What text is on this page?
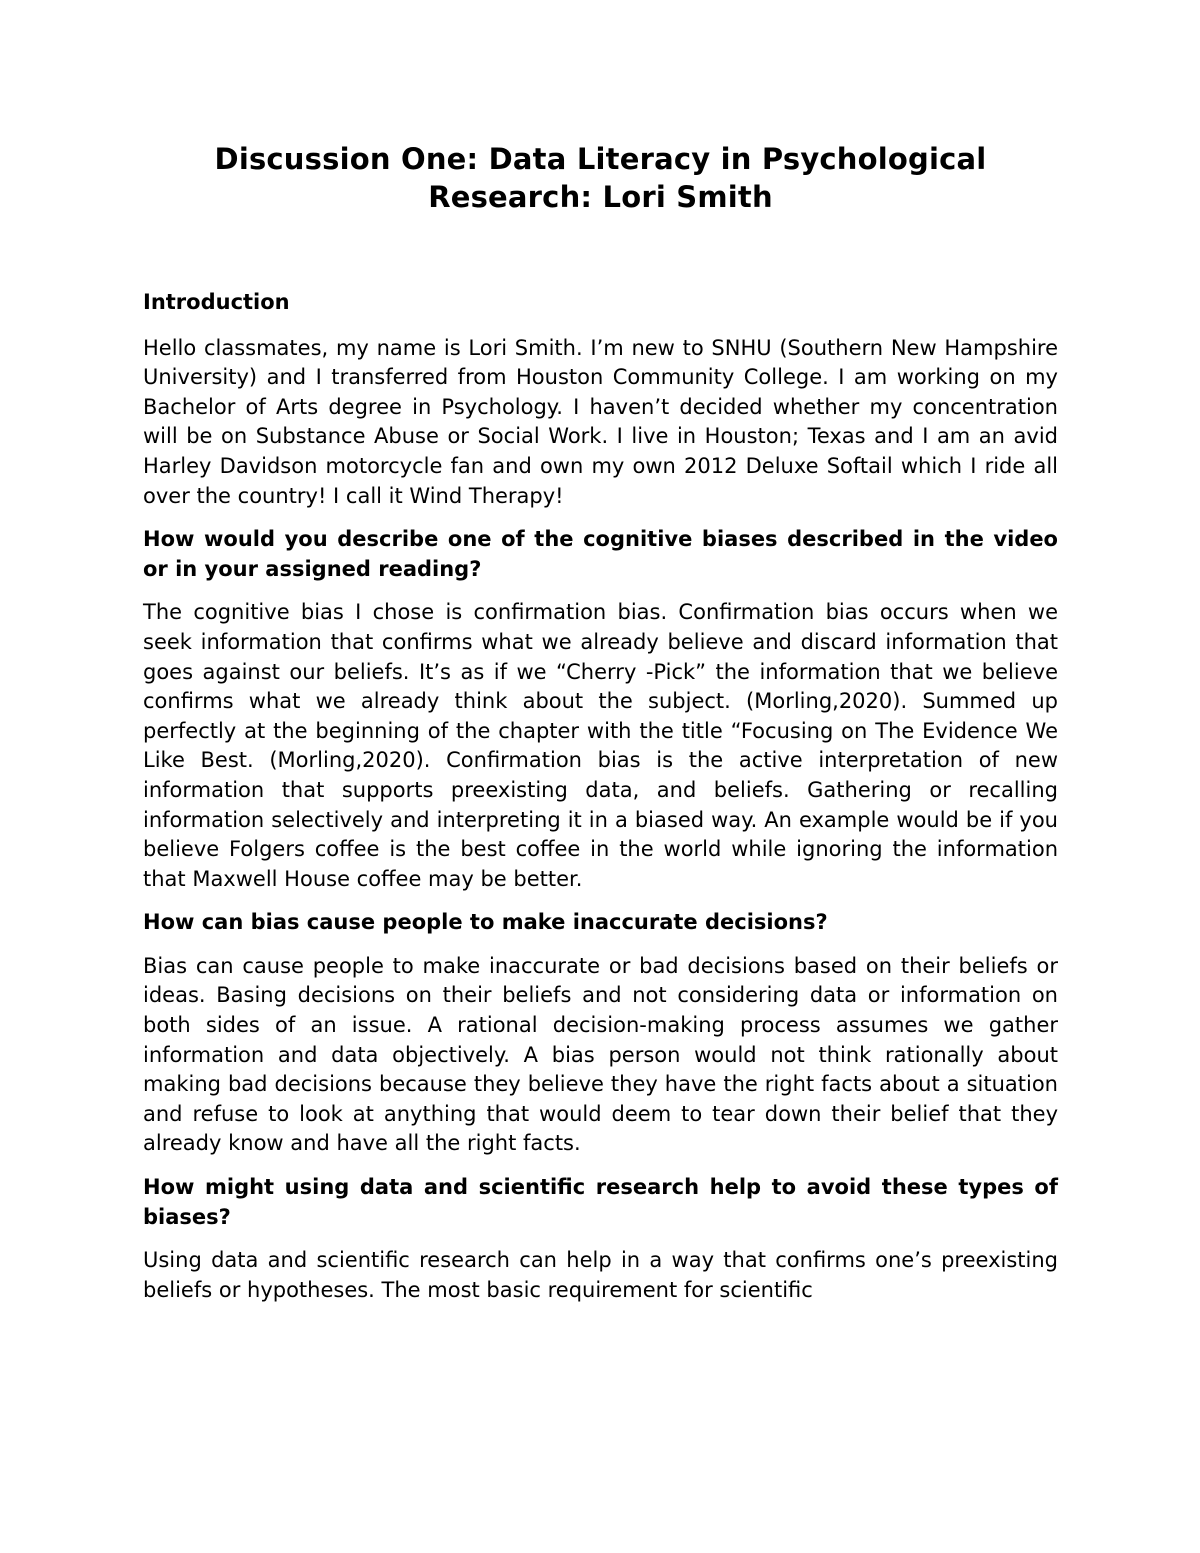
Discussion One: Data Literacy in Psychological
Research: Lori Smith
Introduction

Hello classmates, my name is Lori Smith. I’m new to SNHU (Southern New Hampshire University) and I transferred from Houston Community College. I am working on my Bachelor of Arts degree in Psychology. I haven’t decided whether my concentration will be on Substance Abuse or Social Work. I live in Houston; Texas and I am an avid Harley Davidson motorcycle fan and own my own 2012 Deluxe Softail which I ride all over the country! I call it Wind Therapy!

How would you describe one of the cognitive biases described in the video or in your assigned reading?

The cognitive bias I chose is confirmation bias. Confirmation bias occurs when we seek information that confirms what we already believe and discard information that goes against our beliefs. It’s as if we “Cherry -Pick” the information that we believe confirms what we already think about the subject. (Morling,2020). Summed up perfectly at the beginning of the chapter with the title “Focusing on The Evidence We Like Best. (Morling,2020). Confirmation bias is the active interpretation of new information that supports preexisting data, and beliefs. Gathering or recalling information selectively and interpreting it in a biased way. An example would be if you believe Folgers coffee is the best coffee in the world while ignoring the information that Maxwell House coffee may be better.

How can bias cause people to make inaccurate decisions?

Bias can cause people to make inaccurate or bad decisions based on their beliefs or ideas. Basing decisions on their beliefs and not considering data or information on both sides of an issue. A rational decision-making process assumes we gather information and data objectively. A bias person would not think rationally about making bad decisions because they believe they have the right facts about a situation and refuse to look at anything that would deem to tear down their belief that they already know and have all the right facts.

How might using data and scientific research help to avoid these types of biases?

Using data and scientific research can help in a way that confirms one’s preexisting beliefs or hypotheses. The most basic requirement for scientific
